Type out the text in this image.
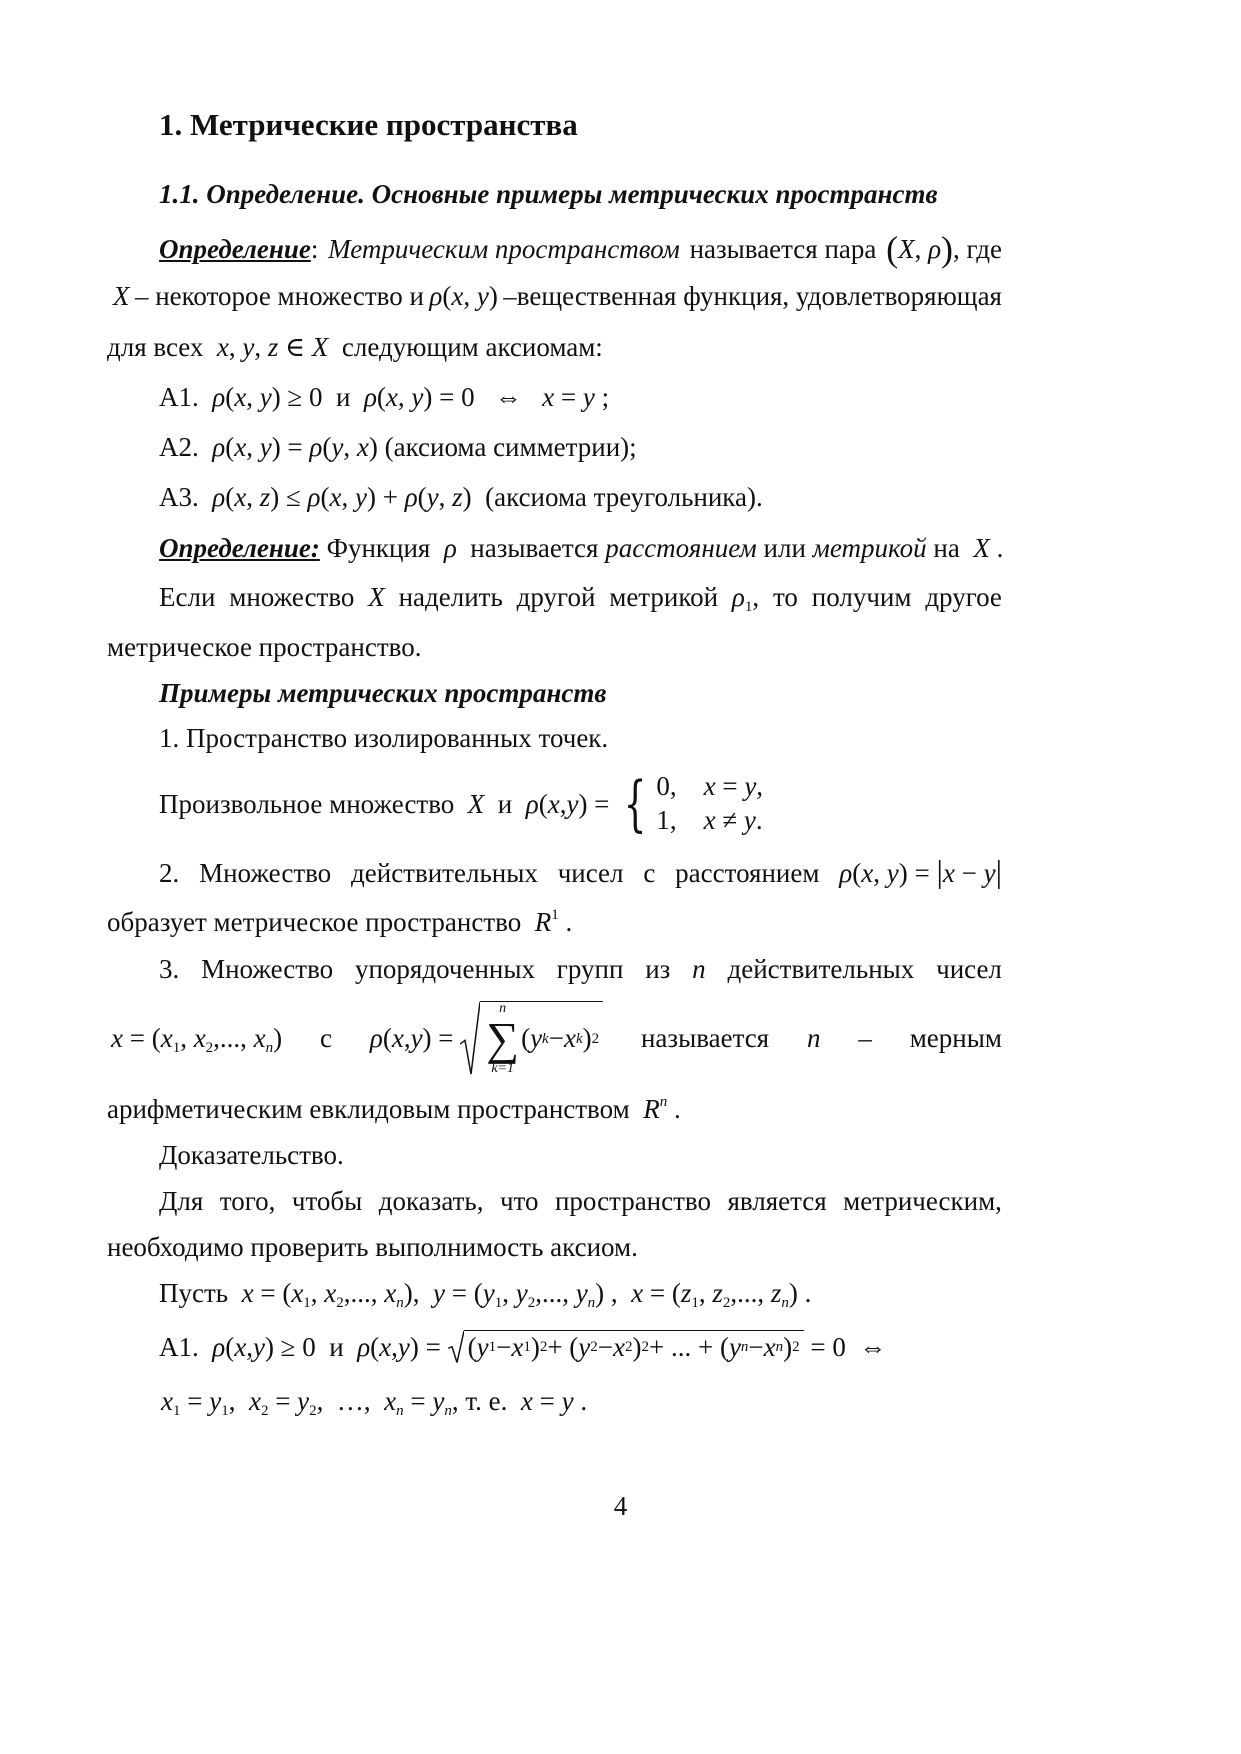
1. Метрические пространства
1.1. Определение. Основные примеры метрических пространств
Определение: Метрическим пространством называется пара (X, ρ), где
X – некоторое множество и ρ(x, y) –вещественная функция, удовлетворяющая
для всех x, y, z ∈ X следующим аксиомам:
А1. ρ(x, y) ≥ 0  и ρ(x, y) = 0   ⇔ x = y ;
А2. ρ(x, y) = ρ(y, x) (аксиома симметрии);
А3. ρ(x, z) ≤ ρ(x, y) + ρ(y, z)  (аксиома треугольника).
Определение: Функция ρ называется расстоянием или метрикой на X .
Если множество X наделить другой метрикой $\rho_1$, то получим другое
метрическое пространство.
Примеры метрических пространств
1. Пространство изолированных точек.
Произвольное множество
X
и
ρ ( x , y ) = { 0, x = y,
1, x ≠ y.
2. Множество действительных чисел с расстоянием ρ(x, y) = |x − y|
образует метрическое пространство $R^1$ .
3. Множество упорядоченных групп из n действительных чисел
$x = (x_1$, $x_2$,..., $x_n$) с ρ ( x , y ) =
n
∑
k=1
( y k − x k ) 2 называется n – мерным
арифметическим евклидовым пространством $R^n$ .
Доказательство.
Для того, чтобы доказать, что пространство является метрическим,
необходимо проверить выполнимость аксиом.
Пусть $x = (x_1$, $x_2$,..., $x_n$),  $y = (y_1$, $y_2$,..., $y_n$) ,  $x = (z_1$, $z_2$,..., $z_n$) .
А1.
ρ ( x , y ) ≥ 0 и
ρ ( x , y ) = ( y 1 − x 1 ) 2 + ( y 2 − x 2 ) 2 + ... + ( y n − x n ) 2 = 0  ⇔
$x_1 = y_1$,  $x_2 = y_2$,  …,  $x_n = y_n$, т. е. x = y .
4
